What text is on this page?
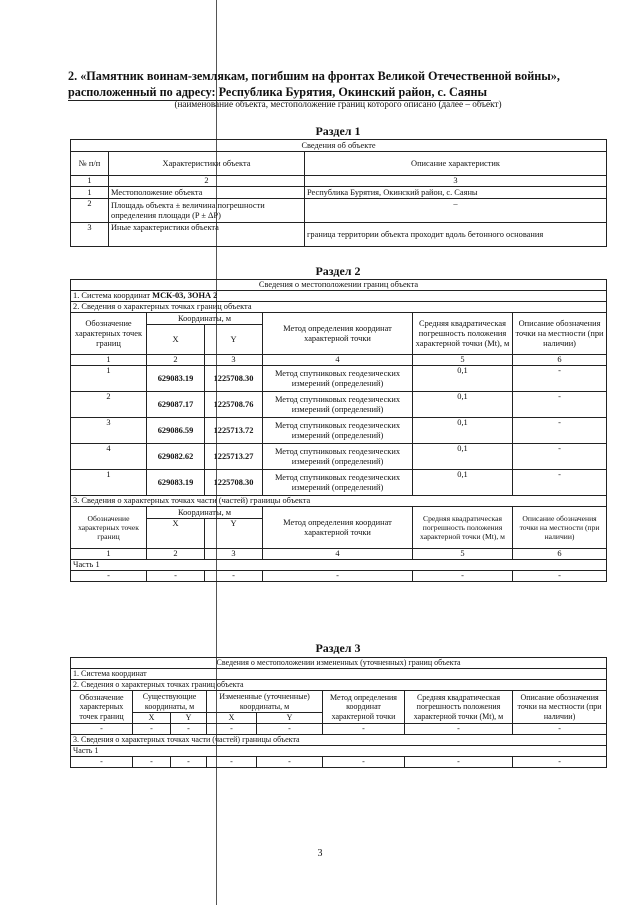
2. «Памятник воинам-землякам, погибшим на фронтах Великой Отечественной войны»,
расположенный по адресу: Республика Бурятия, Окинский район, с. Саяны
(наименование объекта, местоположение границ которого описано (далее – объект)
Раздел 1
Сведения об объекте		
№ п/п	Характеристики объекта	Описание характеристик
1	2	3
1	Местоположение объекта	Республика Бурятия, Окинский район, с. Саяны
2	Площадь объекта ± величина погрешности определения площади (P ± ΔP)	–
3	Иные характеристики объекта	граница территории объекта проходит вдоль бетонного основания
Раздел 2
Сведения о местоположении границ объекта					
1. Система координат МСК-03, ЗОНА 2					
2. Сведения о характерных точках границ объекта					
Обозначение характерных точек границ	Координаты, м		Метод определения координат характерной точки	Средняя квадратическая погрешность положения характерной точки (Mt), м	Описание обозначения точки на местности (при наличии)
	X	Y			
1	2	3	4	5	6
1	629083.19	1225708.30	Метод спутниковых геодезических измерений (определений)	0,1	-
2	629087.17	1225708.76	Метод спутниковых геодезических измерений (определений)	0,1	-
3	629086.59	1225713.72	Метод спутниковых геодезических измерений (определений)	0,1	-
4	629082.62	1225713.27	Метод спутниковых геодезических измерений (определений)	0,1	-
1	629083.19	1225708.30	Метод спутниковых геодезических измерений (определений)	0,1	-
3. Сведения о характерных точках части (частей) границы объекта					
Обозначение характерных точек границ	Координаты, м		Метод определения координат характерной точки	Средняя квадратическая погрешность положения характерной точки (Mt), м	Описание обозначения точки на местности (при наличии)
	X	Y			
1	2	3	4	5	6
Часть 1					
-	-	-	-	-	-
Раздел 3
Сведения о местоположении измененных (уточненных) границ объекта							
1. Система координат							
2. Сведения о характерных точках границ объекта							
Обозначение характерных точек границ	Существующие координаты, м		Измененные (уточненные) координаты, м		Метод определения координат характерной точки	Средняя квадратическая погрешность положения характерной точки (Mt), м	Описание обозначения точки на местности (при наличии)
	X	Y	X	Y			
-	-	-	-	-	-	-	-
3. Сведения о характерных точках части (частей) границы объекта							
Часть 1							
-	-	-	-	-	-	-	-
3
